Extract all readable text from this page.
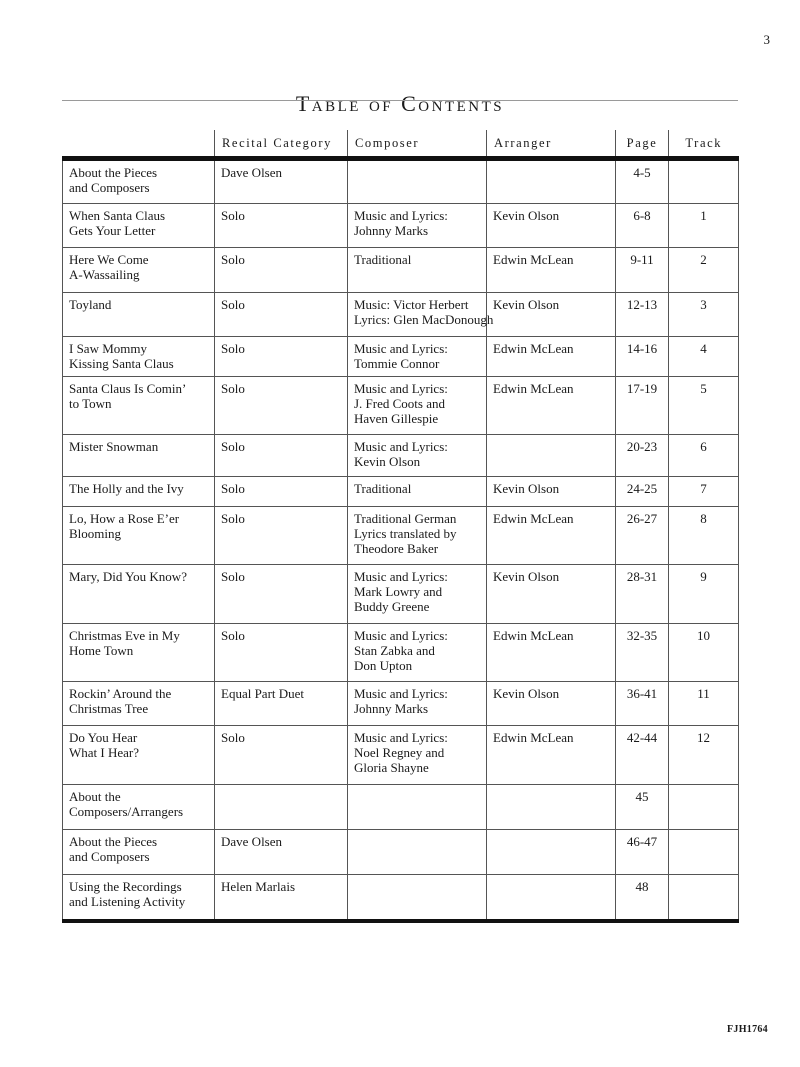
3
Table of Contents
	Recital Category	Composer	Arranger	Page	Track

About the Pieces
and Composers	Dave Olsen			4-5	

When Santa Claus
Gets Your Letter	Solo	Music and Lyrics:
Johnny Marks	Kevin Olson	6-8	1

Here We Come
A-Wassailing	Solo	Traditional	Edwin McLean	9-11	2

Toyland	Solo	Music: Victor Herbert
Lyrics: Glen MacDonough	Kevin Olson	12-13	3

I Saw Mommy
Kissing Santa Claus	Solo	Music and Lyrics:
Tommie Connor	Edwin McLean	14-16	4

Santa Claus Is Comin’
to Town	Solo	Music and Lyrics:
J. Fred Coots and
Haven Gillespie	Edwin McLean	17-19	5

Mister Snowman	Solo	Music and Lyrics:
Kevin Olson		20-23	6

The Holly and the Ivy	Solo	Traditional	Kevin Olson	24-25	7

Lo, How a Rose E’er
Blooming	Solo	Traditional German
Lyrics translated by
Theodore Baker	Edwin McLean	26-27	8

Mary, Did You Know?	Solo	Music and Lyrics:
Mark Lowry and
Buddy Greene	Kevin Olson	28-31	9

Christmas Eve in My
Home Town	Solo	Music and Lyrics:
Stan Zabka and
Don Upton	Edwin McLean	32-35	10

Rockin’ Around the
Christmas Tree	Equal Part Duet	Music and Lyrics:
Johnny Marks	Kevin Olson	36-41	11

Do You Hear
What I Hear?	Solo	Music and Lyrics:
Noel Regney and
Gloria Shayne	Edwin McLean	42-44	12

About the
Composers/Arrangers				45	

About the Pieces
and Composers	Dave Olsen			46-47	

Using the Recordings
and Listening Activity	Helen Marlais			48	
FJH1764
